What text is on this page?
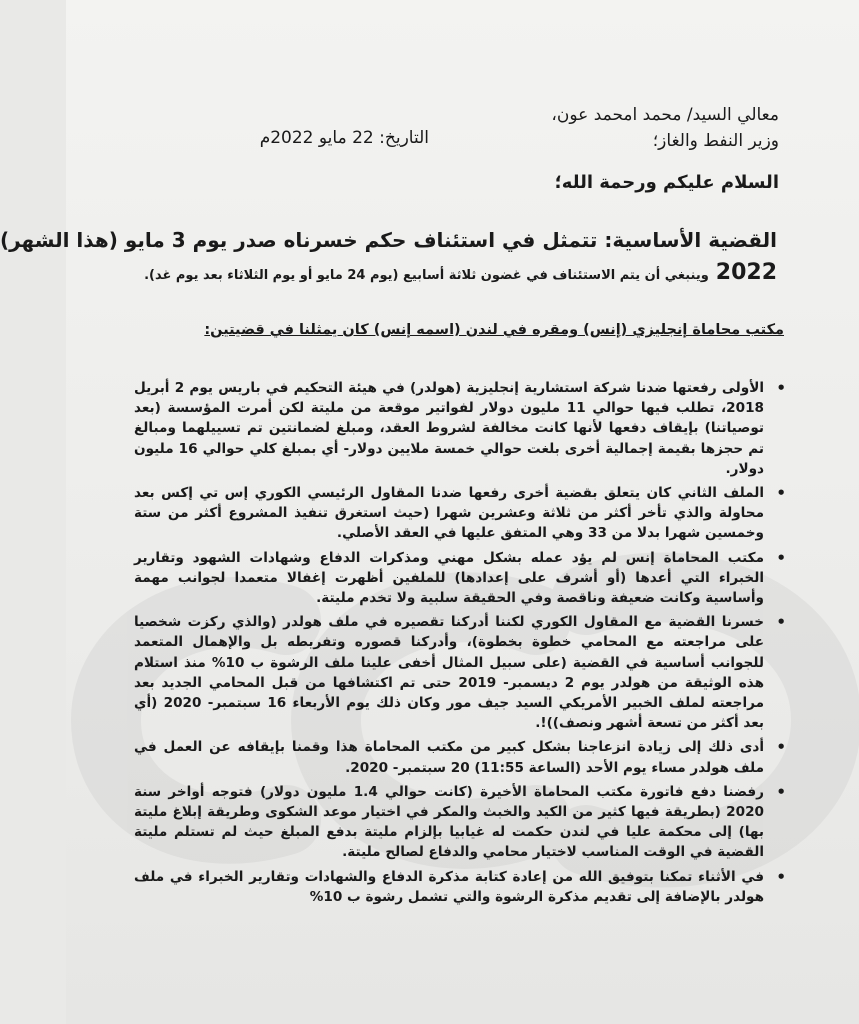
معالي السيد/ محمد امحمد عون،
وزير النفط والغاز؛
التاريخ: 22 مايو 2022م
السلام عليكم ورحمة الله؛
القضية الأساسية: تتمثل في استئناف حكم خسرناه صدر يوم 3 مايو (هذا الشهر)
2022 وينبغي أن يتم الاستئناف في غضون ثلاثة أسابيع (يوم 24 مايو أو يوم الثلاثاء بعد يوم غد).
مكتب محاماة إنجليزي (إنس) ومقره في لندن (اسمه إنس) كان يمثلنا في قضيتين:
• الأولى رفعتها ضدنا شركة استشارية إنجليزية (هولدر) في هيئة التحكيم في باريس يوم 2 أبريل 2018، تطلب فيها حوالي 11 مليون دولار لفواتير موقعة من مليتة لكن أمرت المؤسسة (بعد توصياتنا) بإيقاف دفعها لأنها كانت مخالفة لشروط العقد، ومبلغ لضمانتين تم تسييلهما ومبالغ تم حجزها بقيمة إجمالية أخرى بلغت حوالي خمسة ملايين دولار- أي بمبلغ كلي حوالي 16 مليون دولار.
• الملف الثاني كان يتعلق بقضية أخرى رفعها ضدنا المقاول الرئيسي الكوري إس تي إكس بعد محاولة والذي تأخر أكثر من ثلاثة وعشرين شهرا (حيث استغرق تنفيذ المشروع أكثر من ستة وخمسين شهرا بدلا من 33 وهي المتفق عليها في العقد الأصلي.
• مكتب المحاماة إنس لم يؤد عمله بشكل مهني ومذكرات الدفاع وشهادات الشهود وتقارير الخبراء التي أعدها (أو أشرف على إعدادها) للملفين أظهرت إغفالا متعمدا لجوانب مهمة وأساسية وكانت ضعيفة وناقصة وفي الحقيقة سلبية ولا تخدم مليتة.
• خسرنا القضية مع المقاول الكوري لكننا أدركنا تقصيره في ملف هولدر (والذي ركزت شخصيا على مراجعته مع المحامي خطوة بخطوة)، وأدركنا قصوره وتفريطه بل والإهمال المتعمد للجوانب أساسية في القضية (على سبيل المثال أخفى علينا ملف الرشوة ب 10% منذ استلام هذه الوثيقة من هولدر يوم 2 ديسمبر- 2019 حتى تم اكتشافها من قبل المحامي الجديد بعد مراجعته لملف الخبير الأمريكي السيد جيف مور وكان ذلك يوم الأربعاء 16 سبتمبر- 2020 (أي بعد أكثر من تسعة أشهر ونصف))!.
• أدى ذلك إلى زيادة انزعاجنا بشكل كبير من مكتب المحاماة هذا وقمنا بإيقافه عن العمل في ملف هولدر مساء يوم الأحد (الساعة 11:55) 20 سبتمبر- 2020.
• رفضنا دفع فاتورة مكتب المحاماة الأخيرة (كانت حوالي 1.4 مليون دولار) فتوجه أواخر سنة 2020 (بطريقة فيها كثير من الكيد والخبث والمكر في اختيار موعد الشكوى وطريقة إبلاغ مليتة بها) إلى محكمة عليا في لندن حكمت له غيابيا بإلزام مليتة بدفع المبلغ حيث لم تستلم مليتة القضية في الوقت المناسب لاختيار محامي والدفاع لصالح مليتة.
• في الأثناء تمكنا بتوفيق الله من إعادة كتابة مذكرة الدفاع والشهادات وتقارير الخبراء في ملف هولدر بالإضافة إلى تقديم مذكرة الرشوة والتي تشمل رشوة ب 10%
